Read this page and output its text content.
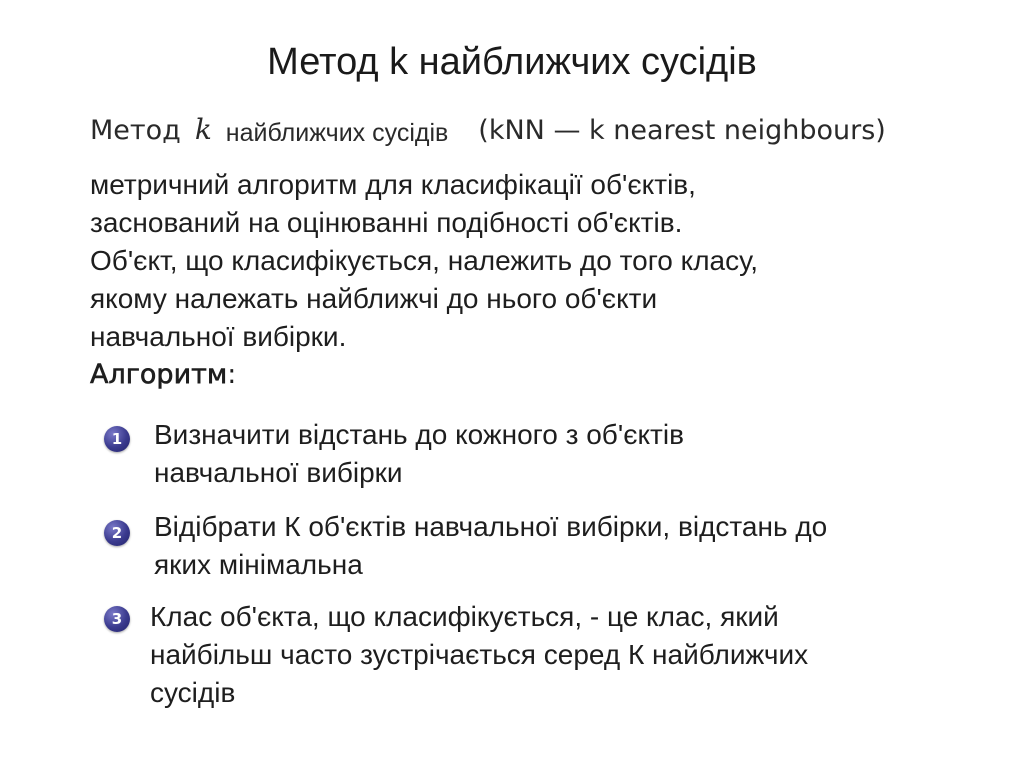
Метод k найближчих сусідів
Метод k найближчих сусідів (kNN — k nearest neighbours)
метричний алгоритм для класифікації об'єктів,
заснований на оцінюванні подібності об'єктів.
Об'єкт, що класифікується, належить до того класу,
якому належать найближчі до нього об'єкти
навчальної вибірки.
Алгоритм:
1 Визначити відстань до кожного з об'єктів
навчальної вибірки
2 Відібрати К об'єктів навчальної вибірки, відстань до
яких мінімальна
3 Клас об'єкта, що класифікується, - це клас, який
найбільш часто зустрічається серед К найближчих
сусідів
